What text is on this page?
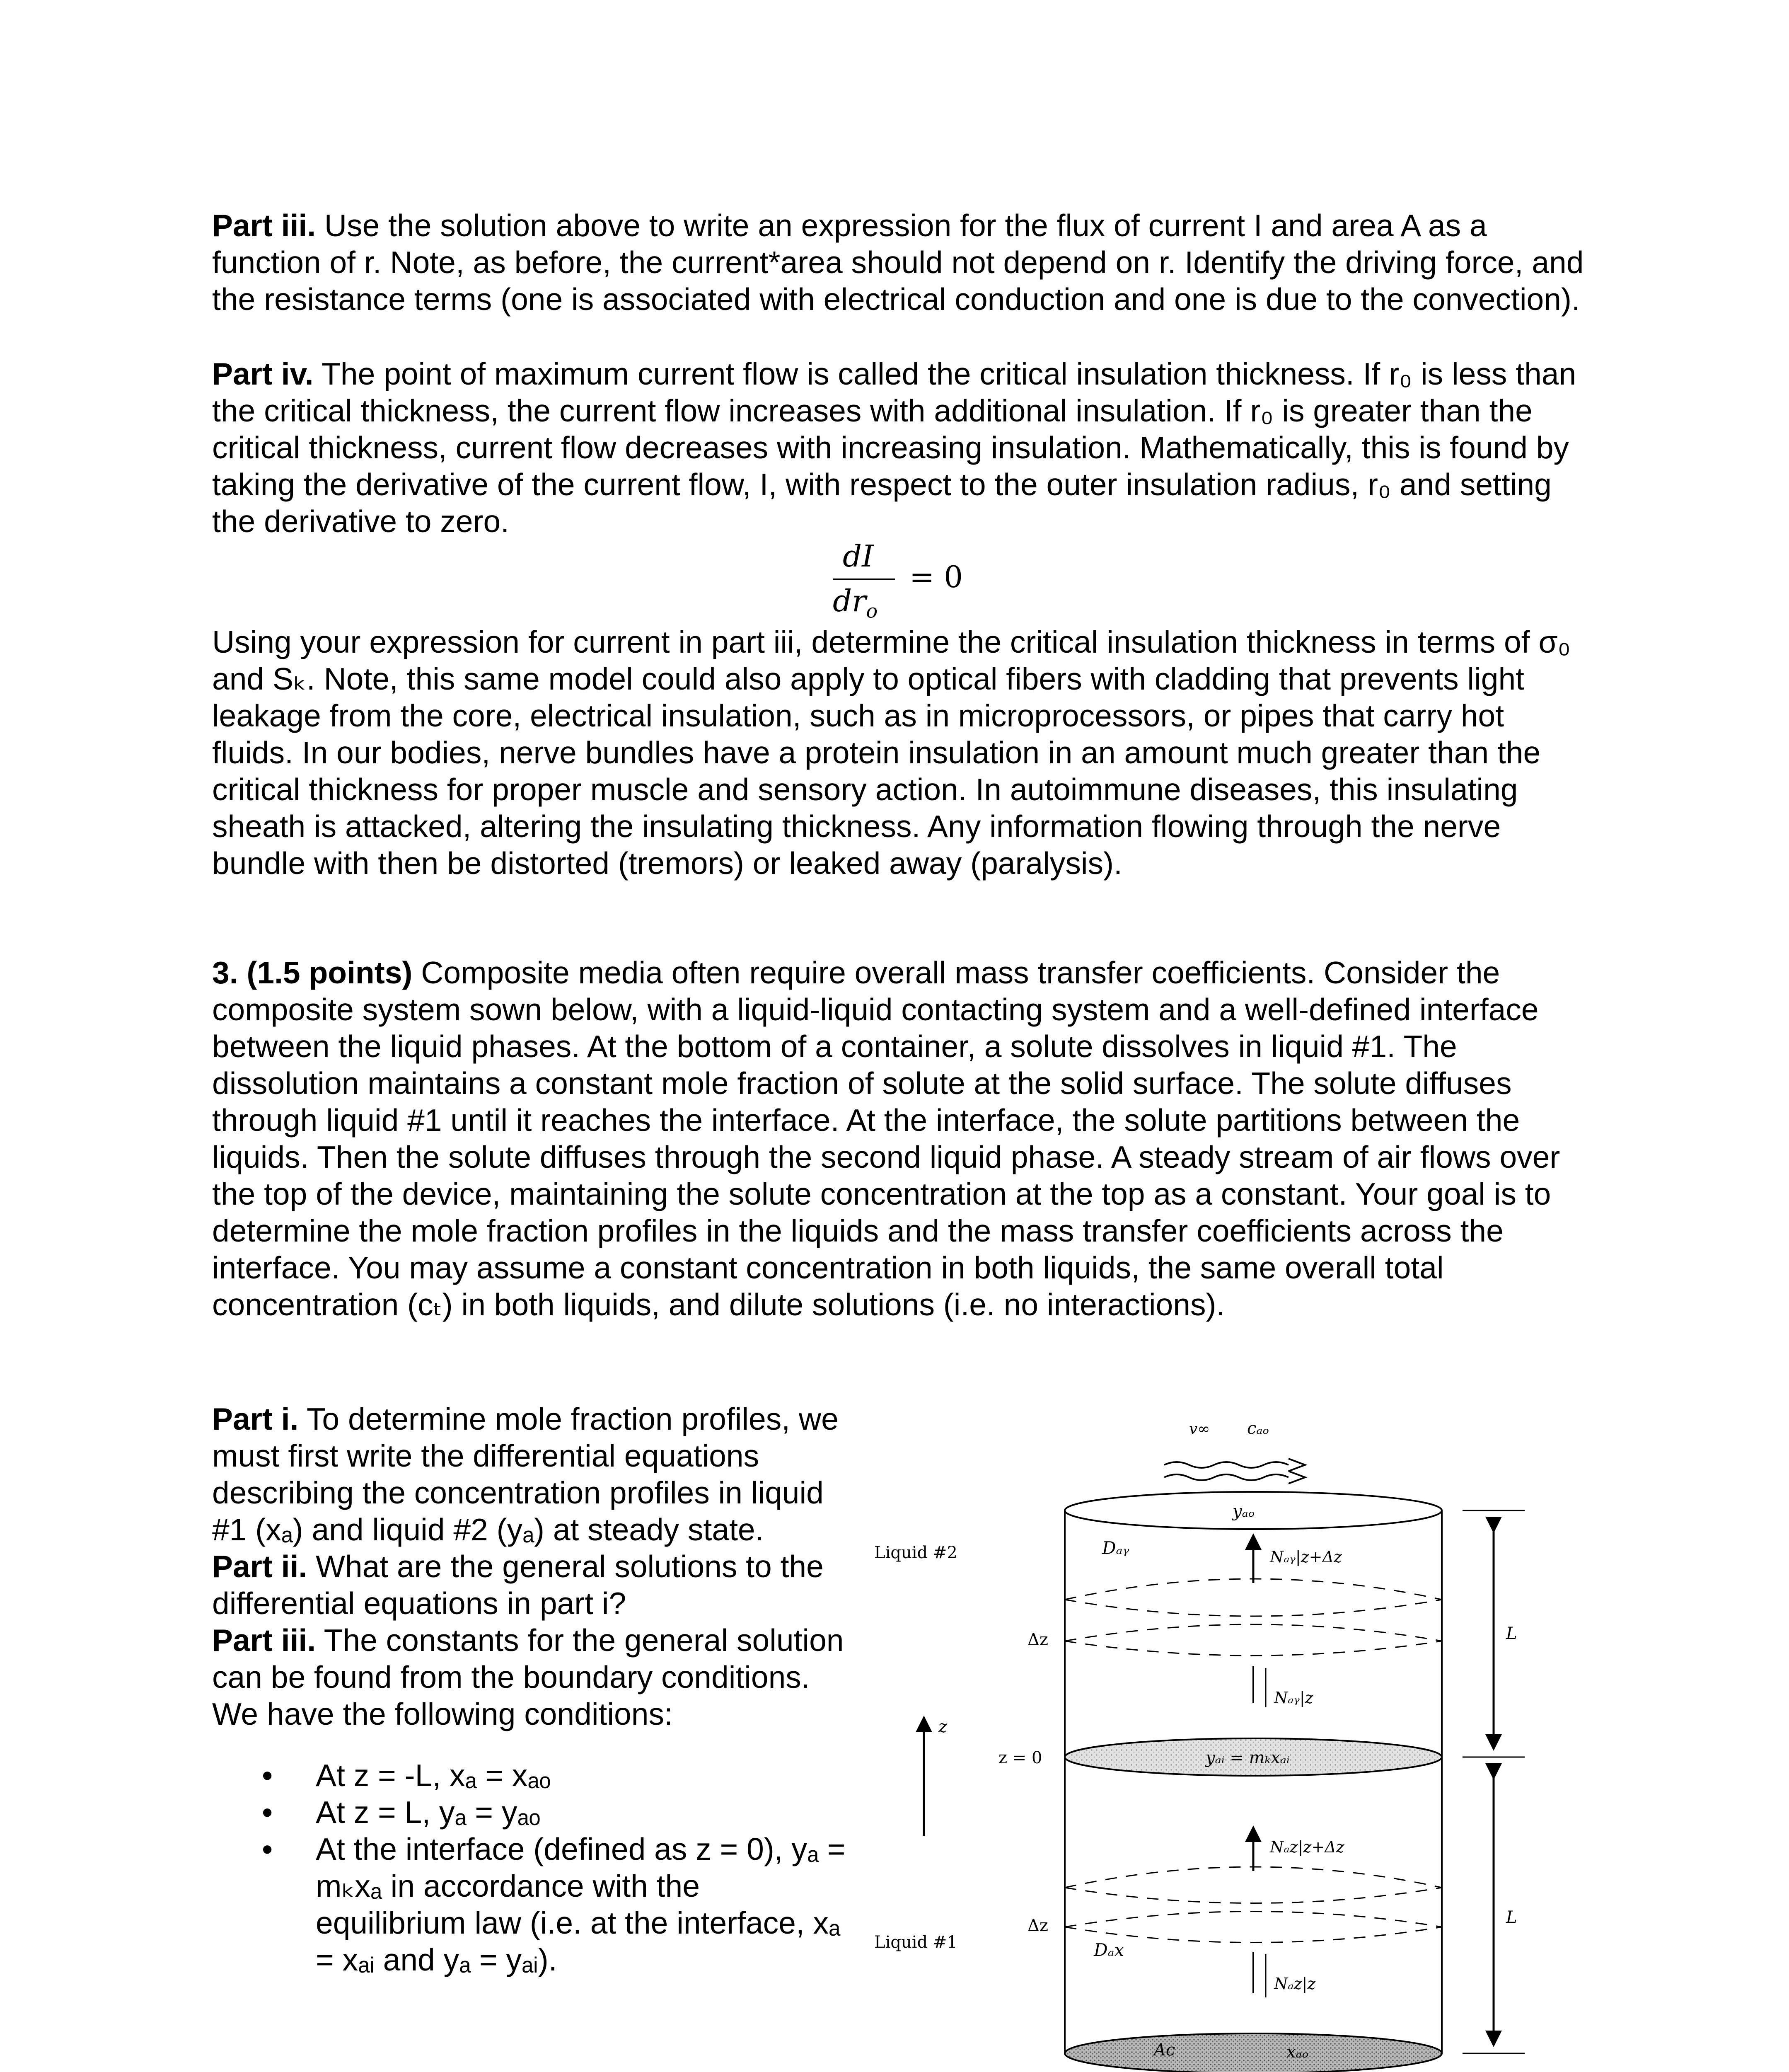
Part iii. Use the solution above to write an expression for the flux of current I and area A as a function of r. Note, as before, the current*area should not depend on r. Identify the driving force, and the resistance terms (one is associated with electrical conduction and one is due to the convection).

Part iv. The point of maximum current flow is called the critical insulation thickness. If r₀ is less than the critical thickness, the current flow increases with additional insulation. If r₀ is greater than the critical thickness, current flow decreases with increasing insulation. Mathematically, this is found by taking the derivative of the current flow, I, with respect to the outer insulation radius, r₀ and setting the derivative to zero.

dI
$dr_o$
= 0

Using your expression for current in part iii, determine the critical insulation thickness in terms of σ₀ and Sₖ. Note, this same model could also apply to optical fibers with cladding that prevents light leakage from the core, electrical insulation, such as in microprocessors, or pipes that carry hot fluids. In our bodies, nerve bundles have a protein insulation in an amount much greater than the critical thickness for proper muscle and sensory action. In autoimmune diseases, this insulating sheath is attacked, altering the insulating thickness. Any information flowing through the nerve bundle with then be distorted (tremors) or leaked away (paralysis).

3. (1.5 points) Composite media often require overall mass transfer coefficients. Consider the composite system sown below, with a liquid-liquid contacting system and a well-defined interface between the liquid phases. At the bottom of a container, a solute dissolves in liquid #1. The dissolution maintains a constant mole fraction of solute at the solid surface. The solute diffuses through liquid #1 until it reaches the interface. At the interface, the solute partitions between the liquids. Then the solute diffuses through the second liquid phase. A steady stream of air flows over the top of the device, maintaining the solute concentration at the top as a constant. Your goal is to determine the mole fraction profiles in the liquids and the mass transfer coefficients across the interface. You may assume a constant concentration in both liquids, the same overall total concentration (cₜ) in both liquids, and dilute solutions (i.e. no interactions).

Part i. To determine mole fraction profiles, we must first write the differential equations describing the concentration profiles in liquid #1 (xₐ) and liquid #2 (yₐ) at steady state.

Part ii. What are the general solutions to the differential equations in part i?

Part iii. The constants for the general solution can be found from the boundary conditions. We have the following conditions:

• At z = -L, xₐ = xₐₒ
• At z = L, yₐ = yₐₒ
• At the interface (defined as z = 0), yₐ = mₖxₐ in accordance with the equilibrium law (i.e. at the interface, xₐ = xₐᵢ and yₐ = yₐᵢ).
v∞ cₐₒ
yₐₒ
yₐᵢ = mₖxₐᵢ
Aᴄ	xₐₒ
Nₐᵧ|z+Δz
Nₐᵧ|z
Dₐᵧ
Nₐz|z+Δz
Nₐz|z
Dₐx
Liquid #2
Liquid #1
Δz
Δz
z = 0
z
L
L
